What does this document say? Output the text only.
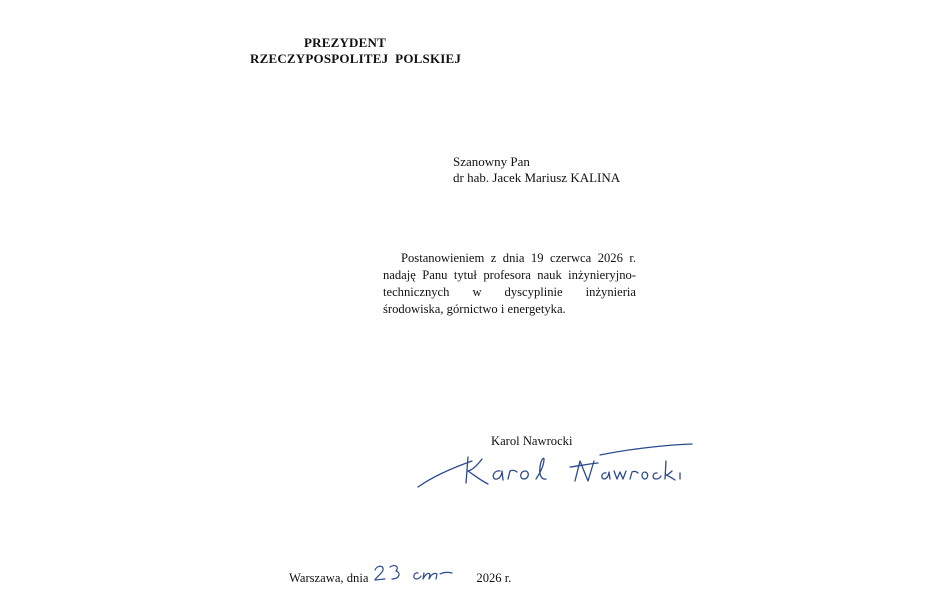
PREZYDENT
RZECZYPOSPOLITEJ  POLSKIEJ
Szanowny Pan
dr hab. Jacek Mariusz KALINA
Postanowieniem z dnia 19 czerwca 2026 r. nadaję Panu tytuł profesora nauk inżynieryjno-technicznych w dyscyplinie inżynieria środowiska, górnictwo i energetyka.
Karol Nawrocki
Warszawa, dnia	2026 r.
